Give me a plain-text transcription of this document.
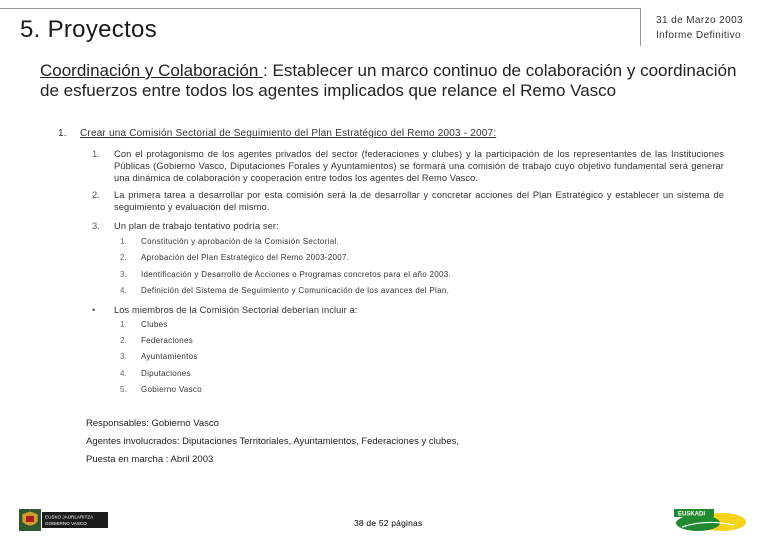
5. Proyectos	31 de Marzo 2003
Informe Definitivo
Coordinación y Colaboración : Establecer un marco continuo de colaboración y coordinación de esfuerzos entre todos los agentes implicados que relance el Remo Vasco
1. Crear una Comisión Sectorial de Seguimiento del Plan Estratégico del Remo 2003 - 2007:
1. Con el protagonismo de los agentes privados del sector (federaciones y clubes) y la participación de los representantes de las Instituciones Públicas (Gobierno Vasco, Diputaciones Forales y Ayuntamientos) se formará una comisión de trabajo cuyo objetivo fundamental será generar una dinámica de colaboración y cooperación entre todos los agentes del Remo Vasco.
2. La primera tarea a desarrollar por esta comisión será la de desarrollar y concretar acciones del Plan Estratégico y establecer un sistema de seguimiento y evaluación del mismo.
3. Un plan de trabajo tentativo podría ser:
1. Constitución y aprobación de la Comisión Sectorial.
2. Aprobación del Plan Estratégico del Remo 2003-2007.
3. Identificación y Desarrollo de Acciones o Programas concretos para el año 2003.
4. Definición del Sistema de Seguimiento y Comunicación de los avances del Plan.
• Los miembros de la Comisión Sectorial deberían incluir a:
1. Clubes
2. Federaciones
3. Ayuntamientos
4. Diputaciones
5. Gobierno Vasco
Responsables: Gobierno Vasco
Agentes involucrados: Diputaciones Territoriales, Ayuntamientos, Federaciones y clubes,
Puesta en marcha : Abril 2003
EUSKO JAURLARITZA
GOBIERNO VASCO	38 de 52 páginas
EUSKADI
